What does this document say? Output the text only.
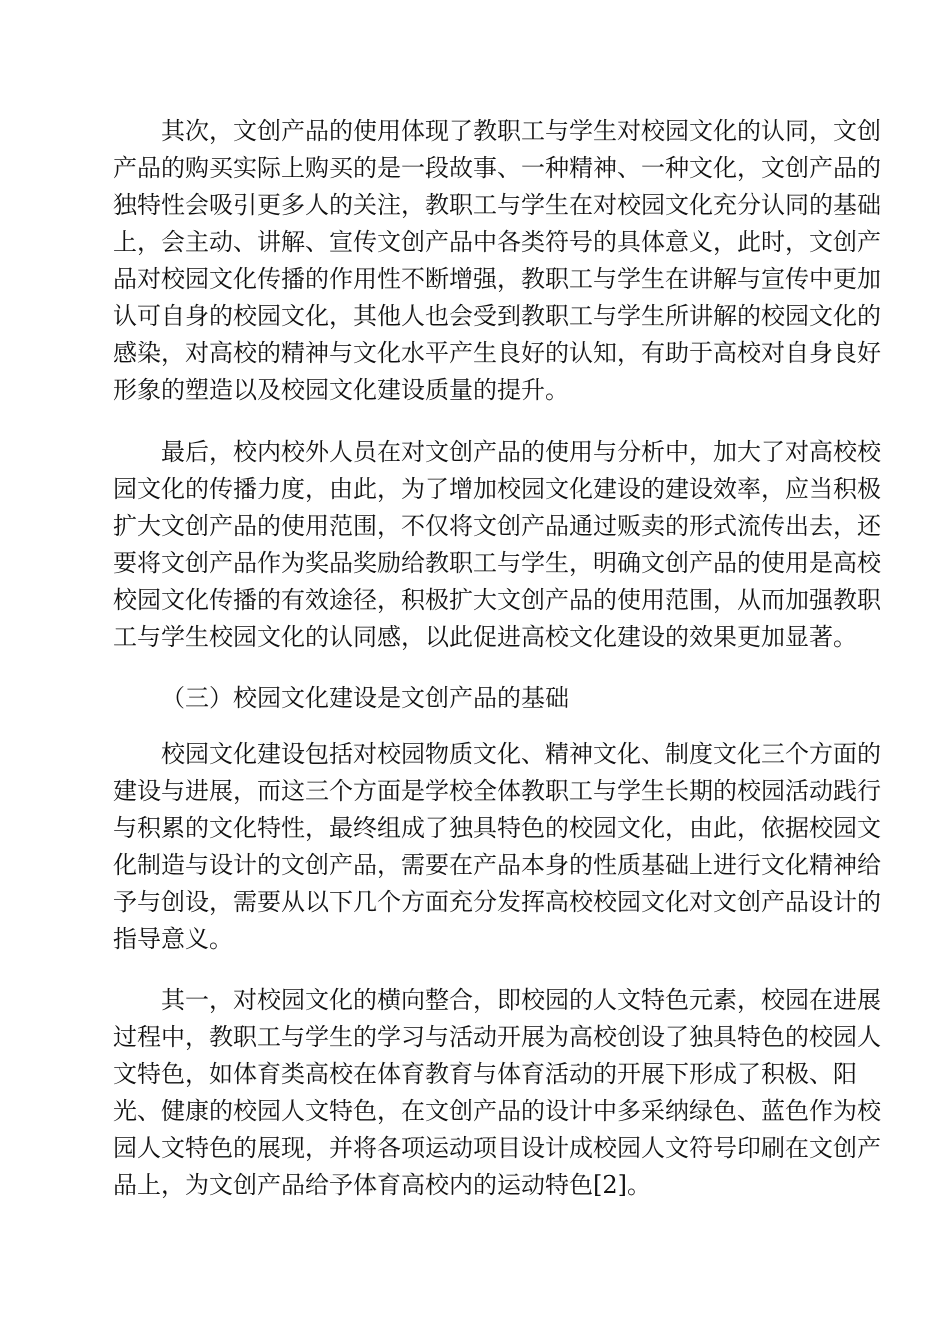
其次，文创产品的使用体现了教职工与学生对校园文化的认同，文创
产品的购买实际上购买的是一段故事、一种精神、一种文化，文创产品的
独特性会吸引更多人的关注，教职工与学生在对校园文化充分认同的基础
上，会主动、讲解、宣传文创产品中各类符号的具体意义，此时，文创产
品对校园文化传播的作用性不断增强，教职工与学生在讲解与宣传中更加
认可自身的校园文化，其他人也会受到教职工与学生所讲解的校园文化的
感染，对高校的精神与文化水平产生良好的认知，有助于高校对自身良好
形象的塑造以及校园文化建设质量的提升。
最后，校内校外人员在对文创产品的使用与分析中，加大了对高校校
园文化的传播力度，由此，为了增加校园文化建设的建设效率，应当积极
扩大文创产品的使用范围，不仅将文创产品通过贩卖的形式流传出去，还
要将文创产品作为奖品奖励给教职工与学生，明确文创产品的使用是高校
校园文化传播的有效途径，积极扩大文创产品的使用范围，从而加强教职
工与学生校园文化的认同感，以此促进高校文化建设的效果更加显著。
（三）校园文化建设是文创产品的基础
校园文化建设包括对校园物质文化、精神文化、制度文化三个方面的
建设与进展，而这三个方面是学校全体教职工与学生长期的校园活动践行
与积累的文化特性，最终组成了独具特色的校园文化，由此，依据校园文
化制造与设计的文创产品，需要在产品本身的性质基础上进行文化精神给
予与创设，需要从以下几个方面充分发挥高校校园文化对文创产品设计的
指导意义。
其一，对校园文化的横向整合，即校园的人文特色元素，校园在进展
过程中，教职工与学生的学习与活动开展为高校创设了独具特色的校园人
文特色，如体育类高校在体育教育与体育活动的开展下形成了积极、阳
光、健康的校园人文特色，在文创产品的设计中多采纳绿色、蓝色作为校
园人文特色的展现，并将各项运动项目设计成校园人文符号印刷在文创产
品上，为文创产品给予体育高校内的运动特色[2]。
